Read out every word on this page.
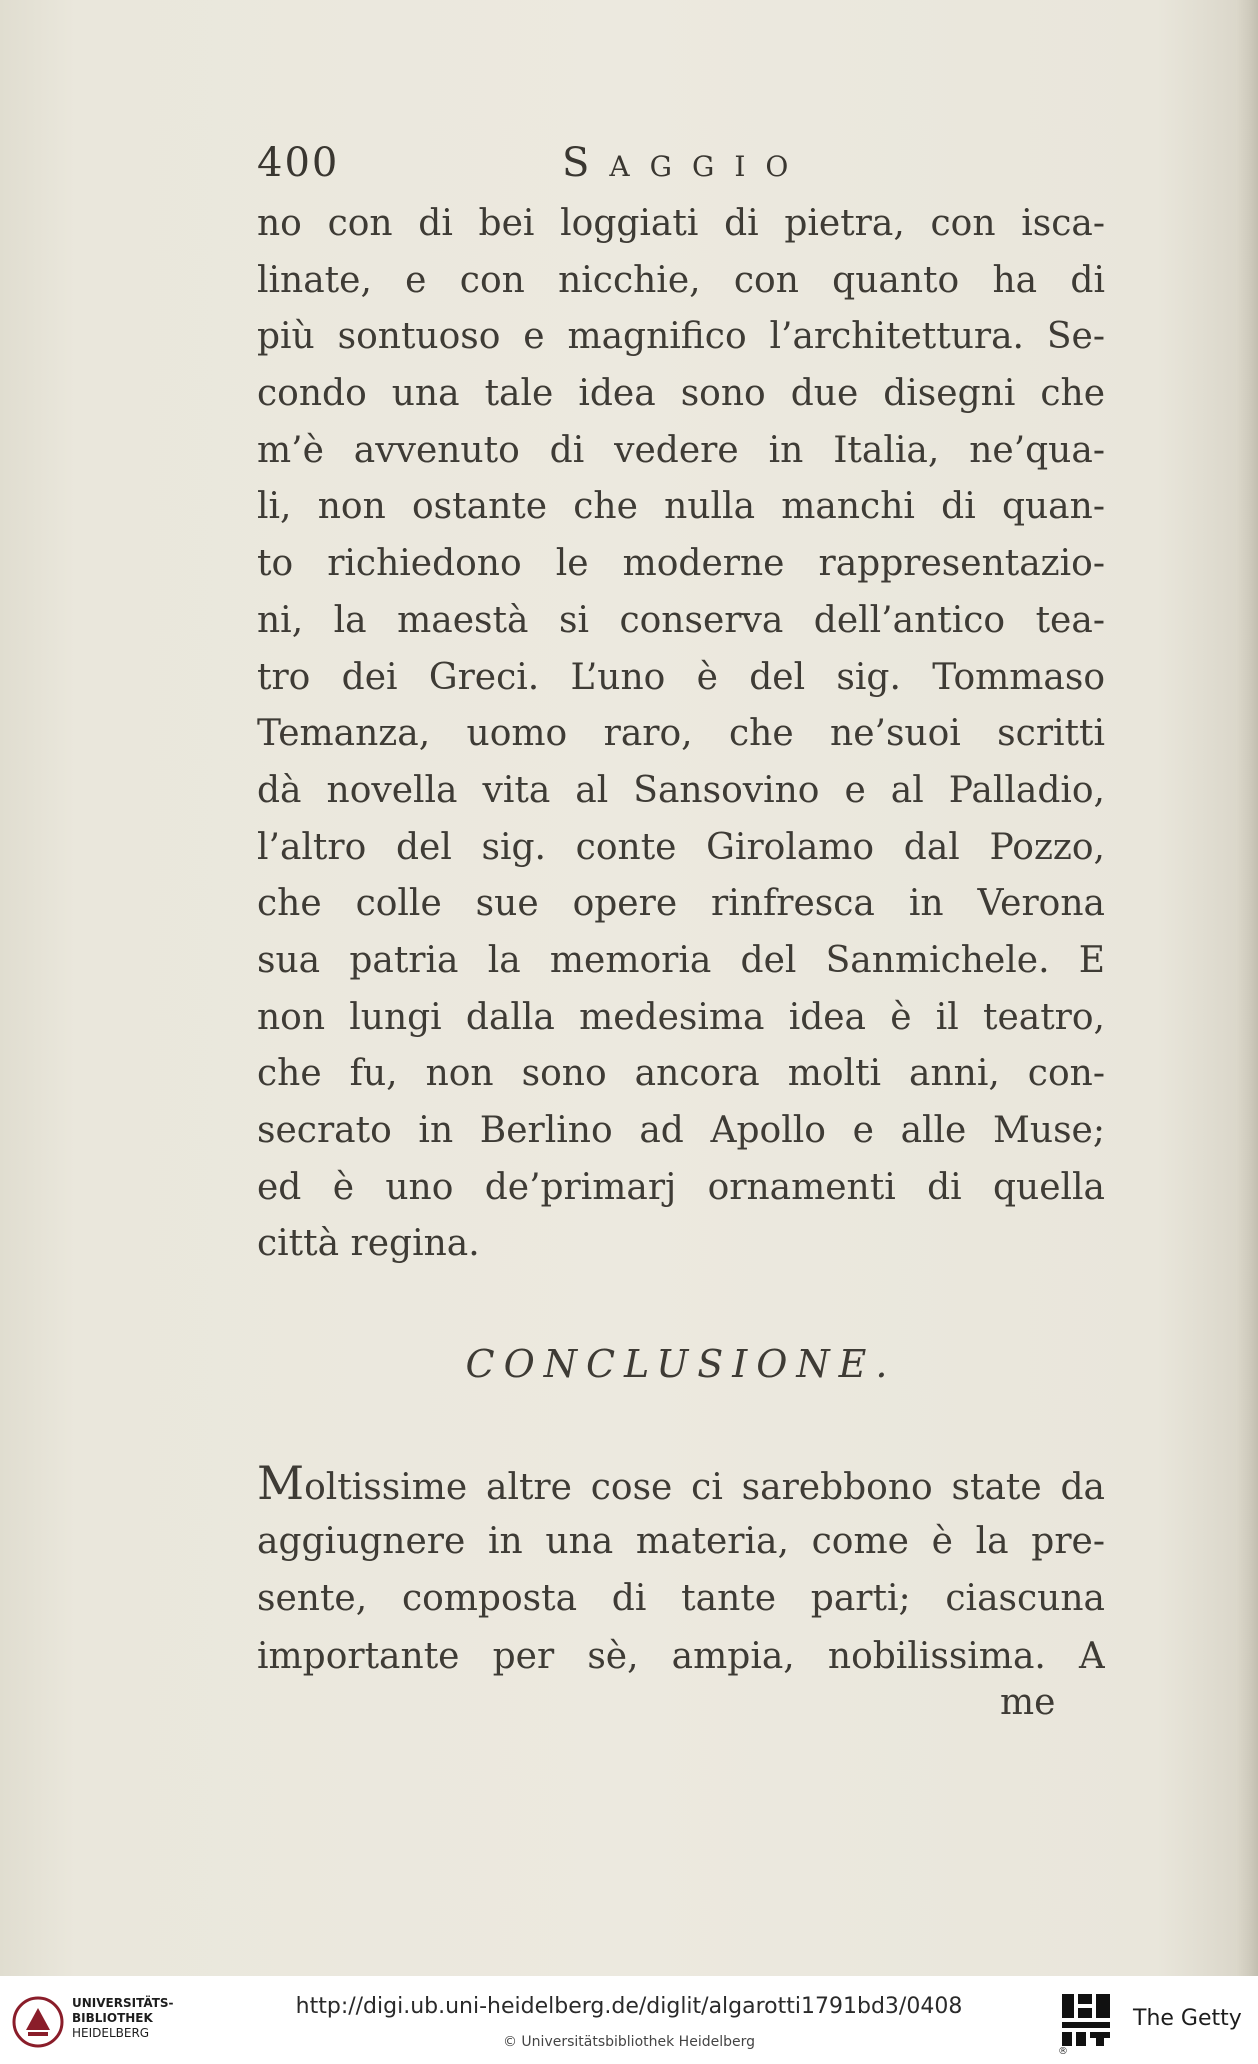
400	Saggio
no con di bei loggiati di pietra, con isca-
linate, e con nicchie, con quanto ha di
più sontuoso e magnifico l’architettura. Se-
condo una tale idea sono due disegni che
m’è avvenuto di vedere in Italia, ne’qua-
li, non ostante che nulla manchi di quan-
to richiedono le moderne rappresentazio-
ni, la maestà si conserva dell’antico tea-
tro dei Greci. L’uno è del sig. Tommaso
Temanza, uomo raro, che ne’suoi scritti
dà novella vita al Sansovino e al Palladio,
l’altro del sig. conte Girolamo dal Pozzo,
che colle sue opere rinfresca in Verona
sua patria la memoria del Sanmichele. E
non lungi dalla medesima idea è il teatro,
che fu, non sono ancora molti anni, con-
secrato in Berlino ad Apollo e alle Muse;
ed è uno de’primarj ornamenti di quella
città regina.
CONCLUSIONE.
Moltissime altre cose ci sarebbono state da
aggiugnere in una materia, come è la pre-
sente, composta di tante parti; ciascuna
importante per sè, ampia, nobilissima. A
me
UNIVERSITÄTS-
BIBLIOTHEK
HEIDELBERG
http://digi.ub.uni-heidelberg.de/diglit/algarotti1791bd3/0408
© Universitätsbibliothek Heidelberg
®
The Getty
